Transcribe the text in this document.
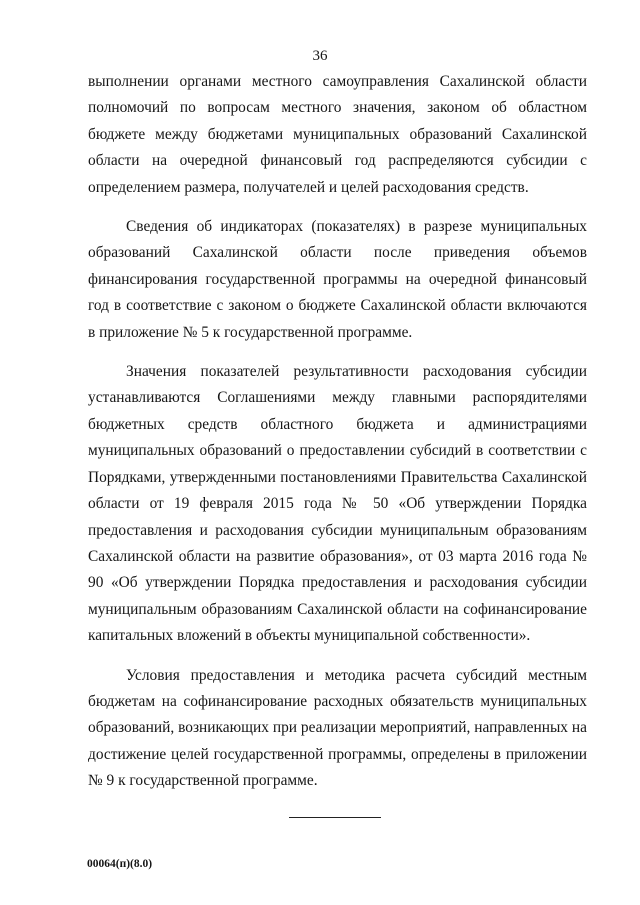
36

выполнении органами местного самоуправления Сахалинской области полномочий по вопросам местного значения, законом об областном бюджете между бюджетами муниципальных образований Сахалинской области на очередной финансовый год распределяются субсидии с определением размера, получателей и целей расходования средств.

Сведения об индикаторах (показателях) в разрезе муниципальных образований Сахалинской области после приведения объемов финансирования государственной программы на очередной финансовый год в соответствие с законом о бюджете Сахалинской области включаются в приложение № 5 к государственной программе.

Значения показателей результативности расходования субсидии устанавливаются Соглашениями между главными распорядителями бюджетных средств областного бюджета и администрациями муниципальных образований о предоставлении субсидий в соответствии с Порядками, утвержденными постановлениями Правительства Сахалинской области от 19 февраля 2015 года № 50 «Об утверждении Порядка предоставления и расходования субсидии муниципальным образованиям Сахалинской области на развитие образования», от 03 марта 2016 года № 90 «Об утверждении Порядка предоставления и расходования субсидии муниципальным образованиям Сахалинской области на софинансирование капитальных вложений в объекты муниципальной собственности».

Условия предоставления и методика расчета субсидий местным бюджетам на софинансирование расходных обязательств муниципальных образований, возникающих при реализации мероприятий, направленных на достижение целей государственной программы, определены в приложении № 9 к государственной программе.

00064(п)(8.0)
